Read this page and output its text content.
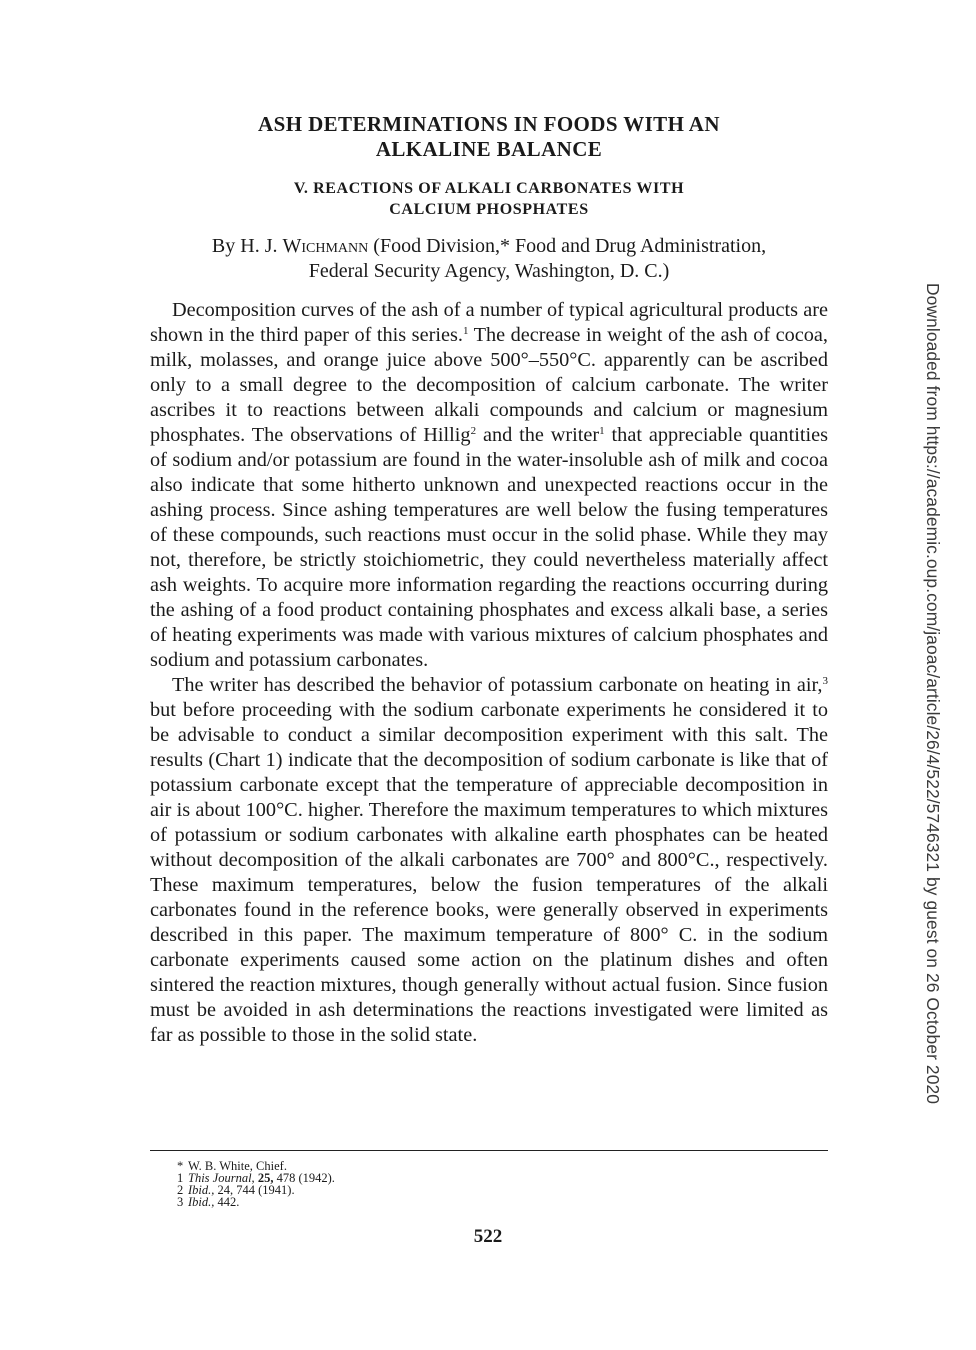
ASH DETERMINATIONS IN FOODS WITH AN
ALKALINE BALANCE
V. REACTIONS OF ALKALI CARBONATES WITH
CALCIUM PHOSPHATES
By H. J. Wichmann (Food Division,* Food and Drug Administration,
Federal Security Agency, Washington, D. C.)

Decomposition curves of the ash of a number of typical agricultural products are shown in the third paper of this series.$^1$ The decrease in weight of the ash of cocoa, milk, molasses, and orange juice above 500°–550°C. apparently can be ascribed only to a small degree to the decomposition of calcium carbonate. The writer ascribes it to reactions between alkali compounds and calcium or magnesium phosphates. The observations of Hillig$^2$ and the writer$^1$ that appreciable quantities of sodium and/or potassium are found in the water-insoluble ash of milk and cocoa also indicate that some hitherto unknown and unexpected reactions occur in the ashing process. Since ashing temperatures are well below the fusing temperatures of these compounds, such reactions must occur in the solid phase. While they may not, therefore, be strictly stoichiometric, they could nevertheless materially affect ash weights. To acquire more information regarding the reactions occurring during the ashing of a food product containing phosphates and excess alkali base, a series of heating experiments was made with various mixtures of calcium phosphates and sodium and potassium carbonates.

The writer has described the behavior of potassium carbonate on heating in air,$^3$ but before proceeding with the sodium carbonate experiments he considered it to be advisable to conduct a similar decomposition experiment with this salt. The results (Chart 1) indicate that the decomposition of sodium carbonate is like that of potassium carbonate except that the temperature of appreciable decomposition in air is about 100°C. higher. Therefore the maximum temperatures to which mixtures of potassium or sodium carbonates with alkaline earth phosphates can be heated without decomposition of the alkali carbonates are 700° and 800°C., respectively. These maximum temperatures, below the fusion temperatures of the alkali carbonates found in the reference books, were generally observed in experiments described in this paper. The maximum temperature of 800° C. in the sodium carbonate experiments caused some action on the platinum dishes and often sintered the reaction mixtures, though generally without actual fusion. Since fusion must be avoided in ash determinations the reactions investigated were limited as far as possible to those in the solid state.

* W. B. White, Chief.
1 This Journal, 25, 478 (1942).
2 Ibid., 24, 744 (1941).
3 Ibid., 442.
522
Downloaded from https://academic.oup.com/jaoac/article/26/4/522/5746321 by guest on 26 October 2020
